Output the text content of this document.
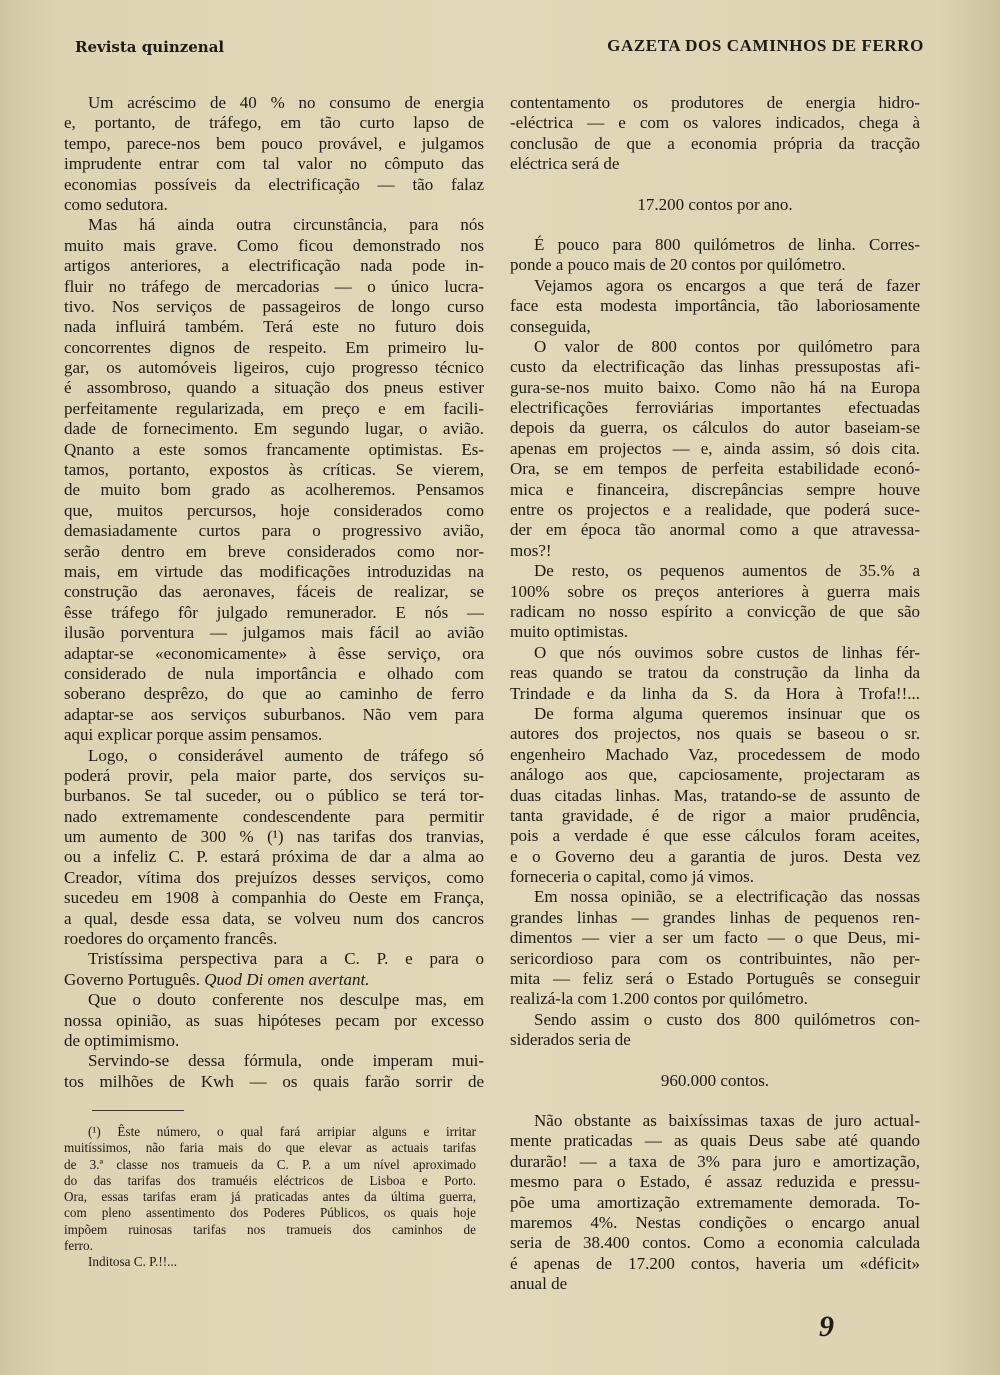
Revista quinzenal	GAZETA DOS CAMINHOS DE FERRO
Um acréscimo de 40 % no consumo de energia
e, portanto, de tráfego, em tão curto lapso de
tempo, parece-nos bem pouco provável, e julgamos
imprudente entrar com tal valor no cômputo das
economias possíveis da electrificação — tão falaz
como sedutora.
Mas há ainda outra circunstância, para nós
muito mais grave. Como ficou demonstrado nos
artigos anteriores, a electrificação nada pode in-
fluir no tráfego de mercadorias — o único lucra-
tivo. Nos serviços de passageiros de longo curso
nada influirá também. Terá este no futuro dois
concorrentes dignos de respeito. Em primeiro lu-
gar, os automóveis ligeiros, cujo progresso técnico
é assombroso, quando a situação dos pneus estiver
perfeitamente regularizada, em preço e em facili-
dade de fornecimento. Em segundo lugar, o avião.
Qnanto a este somos francamente optimistas. Es-
tamos, portanto, expostos às críticas. Se vierem,
de muito bom grado as acolheremos. Pensamos
que, muitos percursos, hoje considerados como
demasiadamente curtos para o progressivo avião,
serão dentro em breve considerados como nor-
mais, em virtude das modificações introduzidas na
construção das aeronaves, fáceis de realizar, se
êsse tráfego fôr julgado remunerador. E nós —
ilusão porventura — julgamos mais fácil ao avião
adaptar-se «economicamente» à êsse serviço, ora
considerado de nula importância e olhado com
soberano desprêzo, do que ao caminho de ferro
adaptar-se aos serviços suburbanos. Não vem para
aqui explicar porque assim pensamos.
Logo, o considerável aumento de tráfego só
poderá provir, pela maior parte, dos serviços su-
burbanos. Se tal suceder, ou o público se terá tor-
nado extremamente condescendente para permitir
um aumento de 300 % (¹) nas tarifas dos tranvias,
ou a infeliz C. P. estará próxima de dar a alma ao
Creador, vítima dos prejuízos desses serviços, como
sucedeu em 1908 à companhia do Oeste em França,
a qual, desde essa data, se volveu num dos cancros
roedores do orçamento francês.
Tristíssima perspectiva para a C. P. e para o
Governo Português. Quod Di omen avertant.
Que o douto conferente nos desculpe mas, em
nossa opinião, as suas hipóteses pecam por excesso
de optimimismo.
Servindo-se dessa fórmula, onde imperam mui-
tos milhões de Kwh — os quais farão sorrir de
(¹) Êste número, o qual fará arripiar alguns e irritar
muitíssimos, não faria mais do que elevar as actuais tarifas
de 3.ª classe nos tramueis da C. P. a um nível aproximado
do das tarifas dos tramuéis eléctricos de Lisboa e Porto.
Ora, essas tarifas eram já praticadas antes da última guerra,
com pleno assentimento dos Poderes Públicos, os quais hoje
impõem ruinosas tarifas nos tramueis dos caminhos de
ferro.
Inditosa C. P.!!...
contentamento os produtores de energia hidro-
-eléctrica — e com os valores indicados, chega à
conclusão de que a economia própria da tracção
eléctrica será de
17.200 contos por ano.
É pouco para 800 quilómetros de linha. Corres-
ponde a pouco mais de 20 contos por quilómetro.
Vejamos agora os encargos a que terá de fazer
face esta modesta importância, tão laboriosamente
conseguida,
O valor de 800 contos por quilómetro para
custo da electrificação das linhas pressupostas afi-
gura-se-nos muito baixo. Como não há na Europa
electrificações ferroviárias importantes efectuadas
depois da guerra, os cálculos do autor baseiam-se
apenas em projectos — e, ainda assim, só dois cita.
Ora, se em tempos de perfeita estabilidade econó-
mica e financeira, discrepâncias sempre houve
entre os projectos e a realidade, que poderá suce-
der em época tão anormal como a que atravessa-
mos?!
De resto, os pequenos aumentos de 35.% a
100% sobre os preços anteriores à guerra mais
radicam no nosso espírito a convicção de que são
muito optimistas.
O que nós ouvimos sobre custos de linhas fér-
reas quando se tratou da construção da linha da
Trindade e da linha da S. da Hora à Trofa!!...
De forma alguma queremos insinuar que os
autores dos projectos, nos quais se baseou o sr.
engenheiro Machado Vaz, procedessem de modo
análogo aos que, capciosamente, projectaram as
duas citadas linhas. Mas, tratando-se de assunto de
tanta gravidade, é de rigor a maior prudência,
pois a verdade é que esse cálculos foram aceites,
e o Governo deu a garantia de juros. Desta vez
forneceria o capital, como já vimos.
Em nossa opinião, se a electrificação das nossas
grandes linhas — grandes linhas de pequenos ren-
dimentos — vier a ser um facto — o que Deus, mi-
sericordioso para com os contribuintes, não per-
mita — feliz será o Estado Português se conseguir
realizá-la com 1.200 contos por quilómetro.
Sendo assim o custo dos 800 quilómetros con-
siderados seria de
960.000 contos.
Não obstante as baixíssimas taxas de juro actual-
mente praticadas — as quais Deus sabe até quando
durarão! — a taxa de 3% para juro e amortização,
mesmo para o Estado, é assaz reduzida e pressu-
põe uma amortização extremamente demorada. To-
maremos 4%. Nestas condições o encargo anual
seria de 38.400 contos. Como a economia calculada
é apenas de 17.200 contos, haveria um «déficit»
anual de
9
